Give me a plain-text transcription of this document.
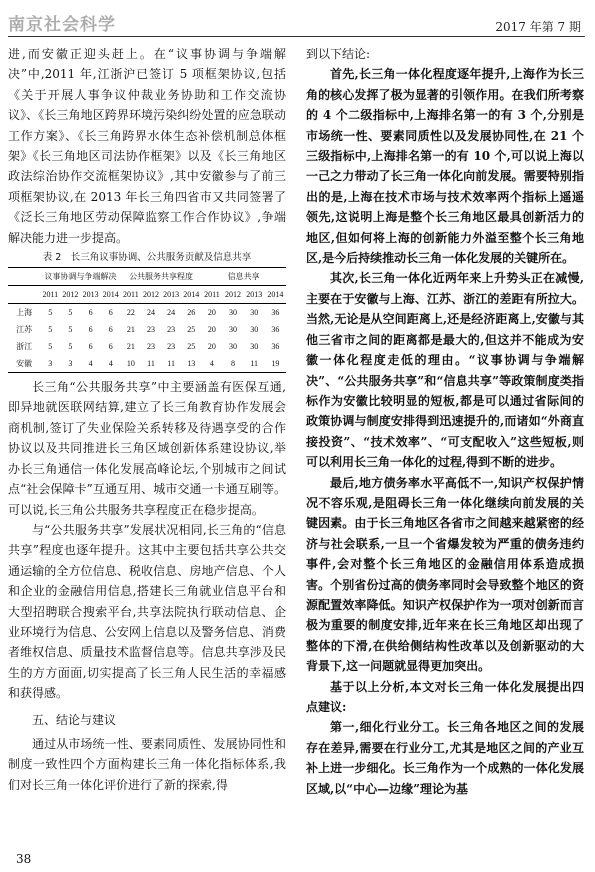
南京社会科学	2017 年第 7 期

进,而安徽正迎头赶上。在“议事协调与争端解决”中,2011 年,江浙沪已签订 5 项框架协议,包括《关于开展人事争议仲裁业务协助和工作交流协议》、《长三角地区跨界环境污染纠纷处置的应急联动工作方案》、《长三角跨界水体生态补偿机制总体框架》《长三角地区司法协作框架》以及《长三角地区政法综治协作交流框架协议》,其中安徽参与了前三项框架协议,在 2013 年长三角四省市又共同签署了《泛长三角地区劳动保障监察工作合作协议》,争端解决能力进一步提高。

表 2　长三角议事协调、公共服务贡献及信息共享
	议事协调与争端解决				公共服务共享程度				信息共享			
	2011	2012	2013	2014	2011	2012	2013	2014	2011	2012	2013	2014
上海	5	5	6	6	22	24	24	26	20	30	30	36
江苏	5	5	6	6	21	23	23	25	20	30	30	36
浙江	5	5	6	6	21	23	23	25	20	30	30	36
安徽	3	3	4	4	10	11	11	13	4	8	11	19

长三角“公共服务共享”中主要涵盖有医保互通,即异地就医联网结算,建立了长三角教育协作发展会商机制,签订了失业保险关系转移及待遇享受的合作协议以及共同推进长三角区域创新体系建设协议,举办长三角通信一体化发展高峰论坛,个别城市之间试点“社会保障卡”互通互用、城市交通一卡通互刷等。可以说,长三角公共服务共享程度正在稳步提高。

与“公共服务共享”发展状况相同,长三角的“信息共享”程度也逐年提升。这其中主要包括共享公共交通运输的全方位信息、税收信息、房地产信息、个人和企业的金融信用信息,搭建长三角就业信息平台和大型招聘联合搜索平台,共享法院执行联动信息、企业环境行为信息、公安网上信息以及警务信息、消费者维权信息、质量技术监督信息等。信息共享涉及民生的方方面面,切实提高了长三角人民生活的幸福感和获得感。

五、结论与建议

通过从市场统一性、要素同质性、发展协同性和制度一致性四个方面构建长三角一体化指标体系,我们对长三角一体化评价进行了新的探索,得

到以下结论:

首先,长三角一体化程度逐年提升,上海作为长三角的核心发挥了极为显著的引领作用。在我们所考察的 4 个二级指标中,上海排名第一的有 3 个,分别是市场统一性、要素同质性以及发展协同性,在 21 个三级指标中,上海排名第一的有 10 个,可以说上海以一己之力带动了长三角一体化向前发展。需要特别指出的是,上海在技术市场与技术效率两个指标上遥遥领先,这说明上海是整个长三角地区最具创新活力的地区,但如何将上海的创新能力外溢至整个长三角地区,是今后持续推动长三角一体化发展的关键所在。

其次,长三角一体化近两年来上升势头正在减慢,主要在于安徽与上海、江苏、浙江的差距有所拉大。当然,无论是从空间距离上,还是经济距离上,安徽与其他三省市之间的距离都是最大的,但这并不能成为安徽一体化程度走低的理由。“议事协调与争端解决”、“公共服务共享”和“信息共享”等政策制度类指标作为安徽比较明显的短板,都是可以通过省际间的政策协调与制度安排得到迅速提升的,而诸如“外商直接投资”、“技术效率”、“可支配收入”这些短板,则可以利用长三角一体化的过程,得到不断的进步。

最后,地方债务率水平高低不一,知识产权保护情况不容乐观,是阻碍长三角一体化继续向前发展的关键因素。由于长三角地区各省市之间越来越紧密的经济与社会联系,一旦一个省爆发较为严重的债务违约事件,会对整个长三角地区的金融信用体系造成损害。个别省份过高的债务率同时会导致整个地区的资源配置效率降低。知识产权保护作为一项对创新而言极为重要的制度安排,近年来在长三角地区却出现了整体的下滑,在供给侧结构性改革以及创新驱动的大背景下,这一问题就显得更加突出。

基于以上分析,本文对长三角一体化发展提出四点建议:

第一,细化行业分工。长三角各地区之间的发展存在差异,需要在行业分工,尤其是地区之间的产业互补上进一步细化。长三角作为一个成熟的一体化发展区域,以“中心—边缘”理论为基

38
